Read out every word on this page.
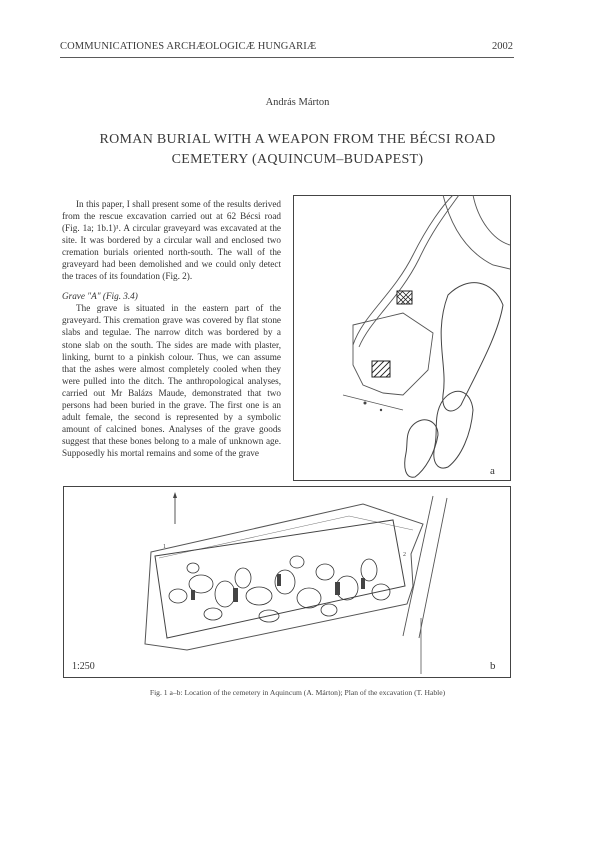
COMMUNICATIONES ARCHÆOLOGICÆ HUNGARIÆ	2002
András Márton
ROMAN BURIAL WITH A WEAPON FROM THE BÉCSI ROAD
CEMETERY (AQUINCUM–BUDAPEST)

In this paper, I shall present some of the results derived from the rescue excavation carried out at 62 Bécsi road (Fig. 1a; 1b.1)¹. A circular graveyard was excavated at the site. It was bordered by a circular wall and enclosed two cremation burials oriented north-south. The wall of the graveyard had been demolished and we could only detect the traces of its foundation (Fig. 2).

Grave "A" (Fig. 3.4)

The grave is situated in the eastern part of the graveyard. This cremation grave was covered by flat stone slabs and tegulae. The narrow ditch was bordered by a stone slab on the south. The sides are made with plaster, linking, burnt to a pinkish colour. Thus, we can assume that the ashes were almost completely cooled when they were pulled into the ditch. The anthropological analyses, carried out Mr Balázs Maude, demonstrated that two persons had been buried in the grave. The first one is an adult female, the second is represented by a symbolic amount of calcined bones. Analyses of the grave goods suggest that these bones belong to a male of unknown age. Supposedly his mortal remains and some of the grave

a
1
2
1:250	b
Fig. 1 a–b: Location of the cemetery in Aquincum (A. Márton); Plan of the excavation (T. Hable)
